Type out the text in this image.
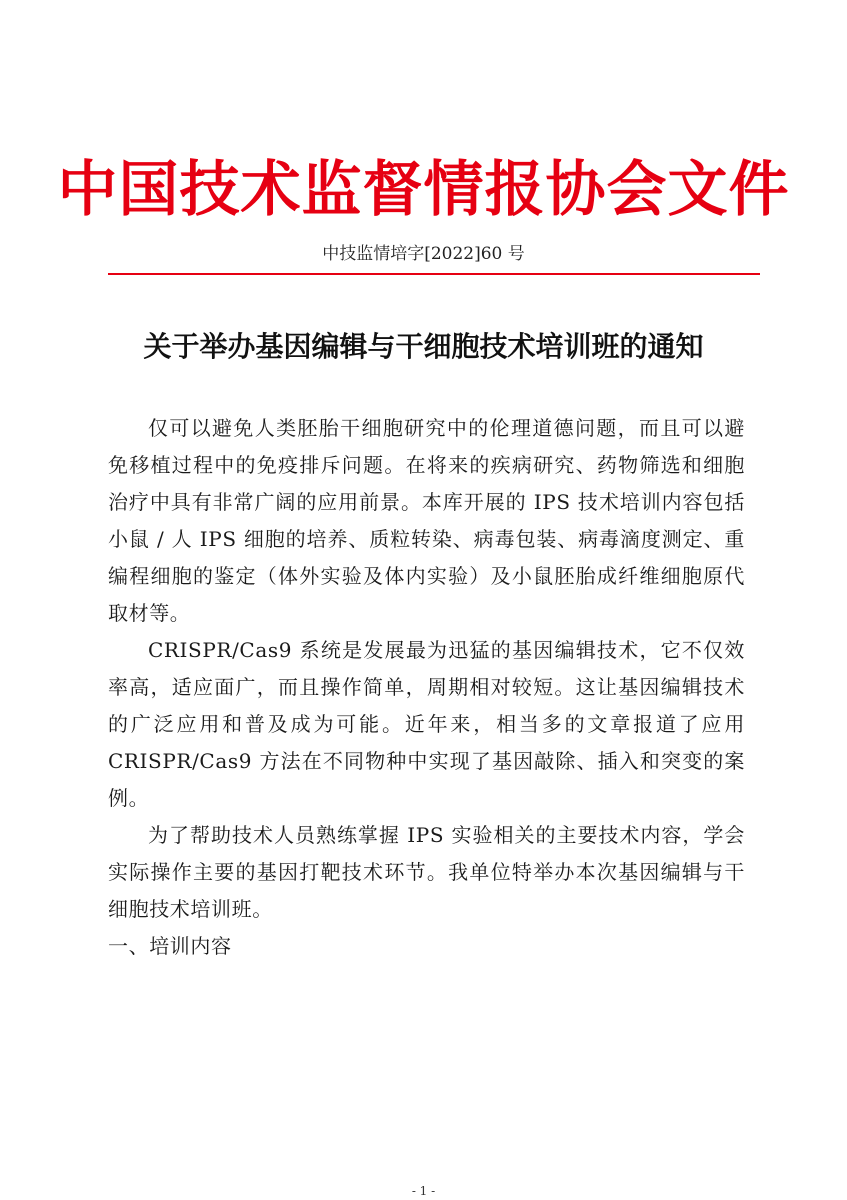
中国技术监督情报协会文件
中技监情培字[2022]60 号
关于举办基因编辑与干细胞技术培训班的通知

仅可以避免人类胚胎干细胞研究中的伦理道德问题，而且可以避免移植过程中的免疫排斥问题。在将来的疾病研究、药物筛选和细胞治疗中具有非常广阔的应用前景。本库开展的 IPS 技术培训内容包括小鼠 / 人 IPS 细胞的培养、质粒转染、病毒包装、病毒滴度测定、重编程细胞的鉴定（体外实验及体内实验）及小鼠胚胎成纤维细胞原代取材等。

CRISPR/Cas9 系统是发展最为迅猛的基因编辑技术，它不仅效率高，适应面广，而且操作简单，周期相对较短。这让基因编辑技术的广泛应用和普及成为可能。近年来，相当多的文章报道了应用 CRISPR/Cas9 方法在不同物种中实现了基因敲除、插入和突变的案例。

为了帮助技术人员熟练掌握 IPS 实验相关的主要技术内容，学会实际操作主要的基因打靶技术环节。我单位特举办本次基因编辑与干细胞技术培训班。

一、培训内容

- 1 -
